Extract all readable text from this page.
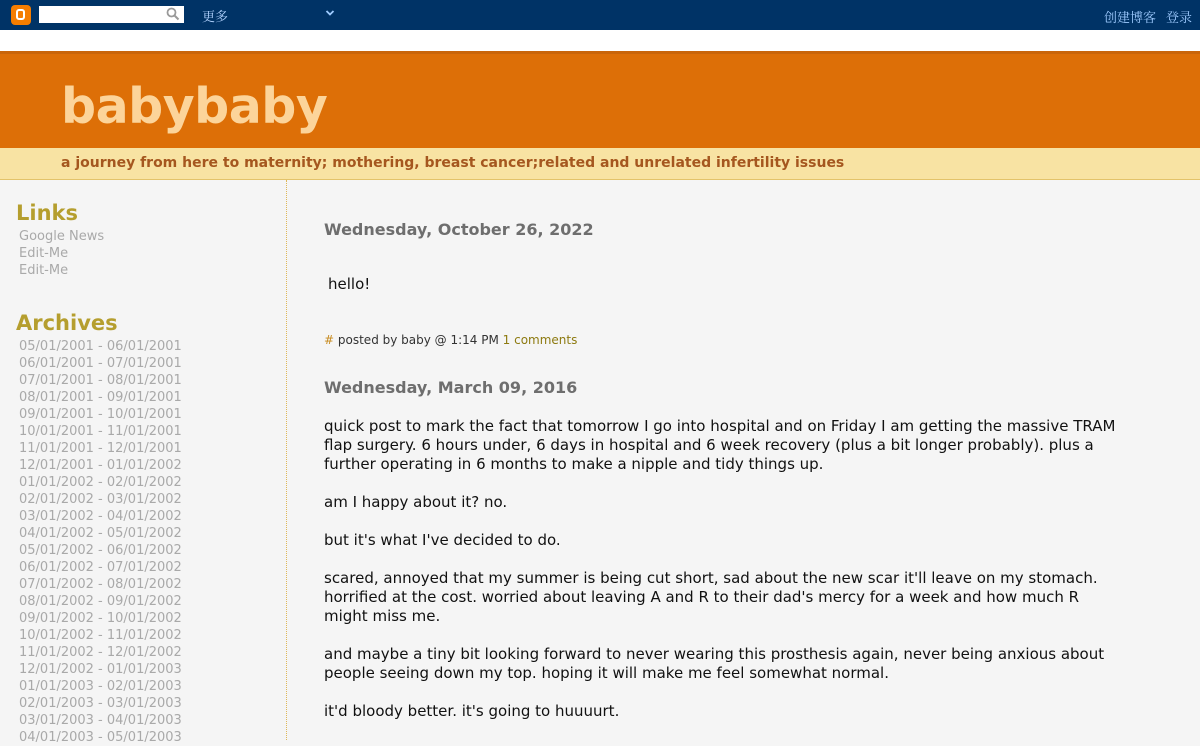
更多	创建博客 登录
babybaby
a journey from here to maternity; mothering, breast cancer;related and unrelated infertility issues
Links
Google News
Edit-Me
Edit-Me
Archives
05/01/2001 - 06/01/2001
06/01/2001 - 07/01/2001
07/01/2001 - 08/01/2001
08/01/2001 - 09/01/2001
09/01/2001 - 10/01/2001
10/01/2001 - 11/01/2001
11/01/2001 - 12/01/2001
12/01/2001 - 01/01/2002
01/01/2002 - 02/01/2002
02/01/2002 - 03/01/2002
03/01/2002 - 04/01/2002
04/01/2002 - 05/01/2002
05/01/2002 - 06/01/2002
06/01/2002 - 07/01/2002
07/01/2002 - 08/01/2002
08/01/2002 - 09/01/2002
09/01/2002 - 10/01/2002
10/01/2002 - 11/01/2002
11/01/2002 - 12/01/2002
12/01/2002 - 01/01/2003
01/01/2003 - 02/01/2003
02/01/2003 - 03/01/2003
03/01/2003 - 04/01/2003
04/01/2003 - 05/01/2003
Wednesday, October 26, 2022

hello!

# posted by baby @ 1:14 PM 1 comments
Wednesday, March 09, 2016

quick post to mark the fact that tomorrow I go into hospital and on Friday I am getting the massive TRAM flap surgery. 6 hours under, 6 days in hospital and 6 week recovery (plus a bit longer probably). plus a further operating in 6 months to make a nipple and tidy things up.

am I happy about it? no.

but it's what I've decided to do.

scared, annoyed that my summer is being cut short, sad about the new scar it'll leave on my stomach. horrified at the cost. worried about leaving A and R to their dad's mercy for a week and how much R might miss me.

and maybe a tiny bit looking forward to never wearing this prosthesis again, never being anxious about people seeing down my top. hoping it will make me feel somewhat normal.

it'd bloody better. it's going to huuuurt.
